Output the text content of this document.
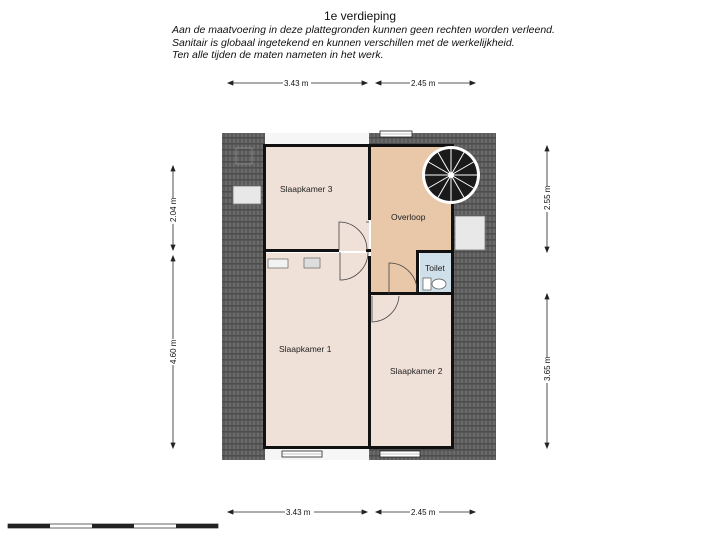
1e verdieping
Aan de maatvoering in deze plattegronden kunnen geen rechten worden verleend.
Sanitair is globaal ingetekend en kunnen verschillen met de werkelijkheid.
Ten alle tijden de maten nameten in het werk.
Slaapkamer 3
Overloop
Toilet
Slaapkamer 1
Slaapkamer 2
3.43 m	2.45 m
3.43 m	2.45 m
2.04 m
4.60 m
2.55 m
3.65 m
